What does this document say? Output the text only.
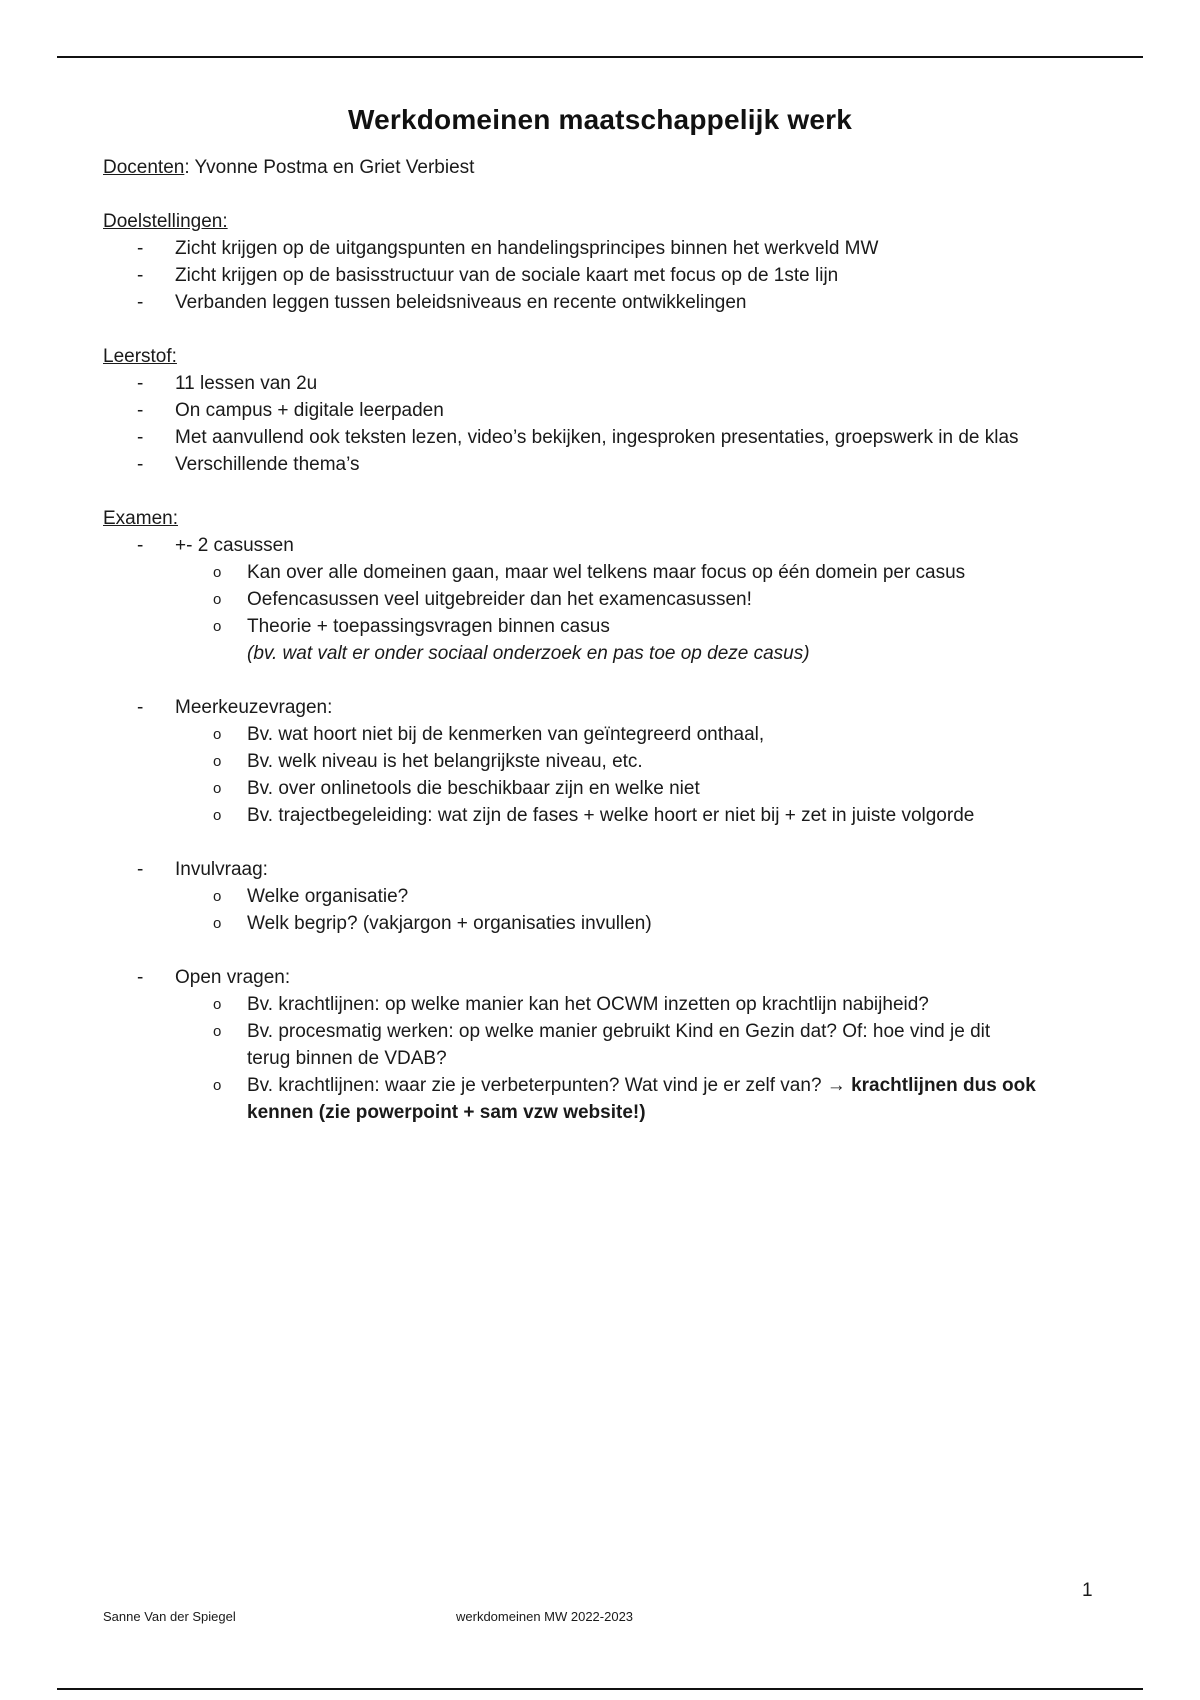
Werkdomeinen maatschappelijk werk
Docenten: Yvonne Postma en Griet Verbiest
Doelstellingen:
- Zicht krijgen op de uitgangspunten en handelingsprincipes binnen het werkveld MW
- Zicht krijgen op de basisstructuur van de sociale kaart met focus op de 1ste lijn
- Verbanden leggen tussen beleidsniveaus en recente ontwikkelingen
Leerstof:
- 11 lessen van 2u
- On campus + digitale leerpaden
- Met aanvullend ook teksten lezen, video’s bekijken, ingesproken presentaties, groepswerk in de klas
- Verschillende thema’s
Examen:
- +- 2 casussen
o Kan over alle domeinen gaan, maar wel telkens maar focus op één domein per casus
o Oefencasussen veel uitgebreider dan het examencasussen!
o Theorie + toepassingsvragen binnen casus
(bv. wat valt er onder sociaal onderzoek en pas toe op deze casus)
- Meerkeuzevragen:
o Bv. wat hoort niet bij de kenmerken van geïntegreerd onthaal,
o Bv. welk niveau is het belangrijkste niveau, etc.
o Bv. over onlinetools die beschikbaar zijn en welke niet
o Bv. trajectbegeleiding: wat zijn de fases + welke hoort er niet bij + zet in juiste volgorde
- Invulvraag:
o Welke organisatie?
o Welk begrip? (vakjargon + organisaties invullen)
- Open vragen:
o Bv. krachtlijnen: op welke manier kan het OCWM inzetten op krachtlijn nabijheid?
o Bv. procesmatig werken: op welke manier gebruikt Kind en Gezin dat? Of: hoe vind je dit
terug binnen de VDAB?
o Bv. krachtlijnen: waar zie je verbeterpunten? Wat vind je er zelf van? → krachtlijnen dus ook
kennen (zie powerpoint + sam vzw website!)
1
Sanne Van der Spiegel	werkdomeinen MW 2022-2023
